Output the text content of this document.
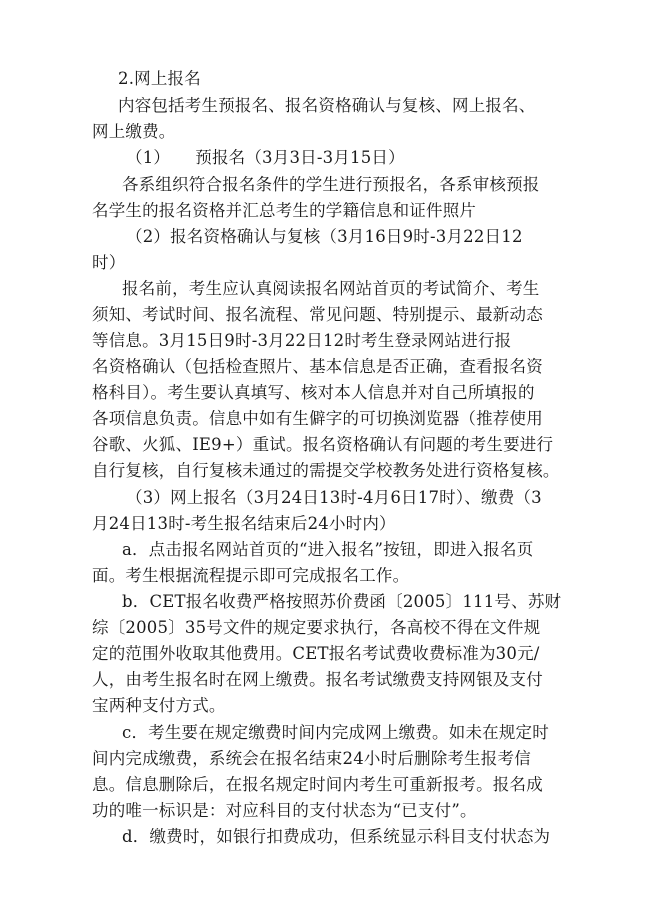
2.网上报名
内容包括考生预报名、报名资格确认与复核、网上报名、
网上缴费。
（1）　　预报名（3月3日-3月15日）
各系组织符合报名条件的学生进行预报名，各系审核预报
名学生的报名资格并汇总考生的学籍信息和证件照片
（2）报名资格确认与复核（3月16日9时-3月22日12
时）
报名前，考生应认真阅读报名网站首页的考试简介、考生
须知、考试时间、报名流程、常见问题、特别提示、最新动态
等信息。3月15日9时-3月22日12时考生登录网站进行报
名资格确认（包括检查照片、基本信息是否正确，查看报名资
格科目）。考生要认真填写、核对本人信息并对自己所填报的
各项信息负责。信息中如有生僻字的可切换浏览器（推荐使用
谷歌、火狐、IE9+）重试。报名资格确认有问题的考生要进行
自行复核，自行复核未通过的需提交学校教务处进行资格复核。
（3）网上报名（3月24日13时-4月6日17时）、缴费（3
月24日13时-考生报名结束后24小时内）
a．点击报名网站首页的“进入报名”按钮，即进入报名页
面。考生根据流程提示即可完成报名工作。
b．CET报名收费严格按照苏价费函〔2005〕111号、苏财
综〔2005〕35号文件的规定要求执行，各高校不得在文件规
定的范围外收取其他费用。CET报名考试费收费标准为30元/
人，由考生报名时在网上缴费。报名考试缴费支持网银及支付
宝两种支付方式。
c．考生要在规定缴费时间内完成网上缴费。如未在规定时
间内完成缴费，系统会在报名结束24小时后删除考生报考信
息。信息删除后，在报名规定时间内考生可重新报考。报名成
功的唯一标识是：对应科目的支付状态为“已支付”。
d．缴费时，如银行扣费成功，但系统显示科目支付状态为
